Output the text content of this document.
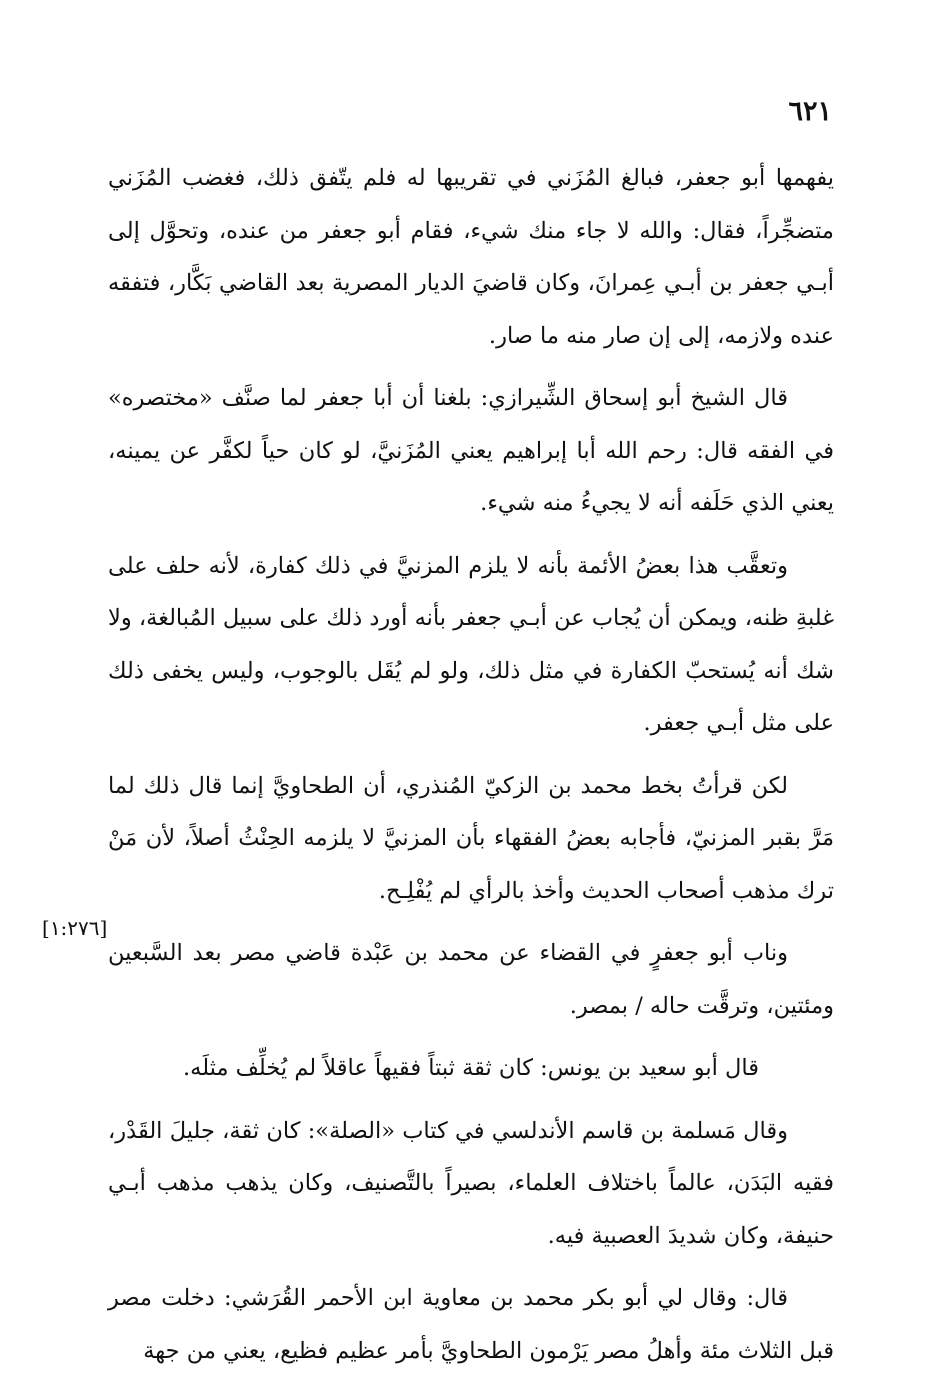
٦٢١
[١:٢٧٦]

يفهمها أبو جعفر، فبالغ المُزَني في تقريبها له فلم يتّفق ذلك، فغضب المُزَني متضجِّراً، فقال: والله لا جاء منك شيء، فقام أبو جعفر من عنده، وتحوَّل إلى أبـي جعفر بن أبـي عِمرانَ، وكان قاضيَ الديار المصرية بعد القاضي بَكَّار، فتفقه عنده ولازمه، إلى إن صار منه ما صار.

قال الشيخ أبو إسحاق الشِّيرازي: بلغنا أن أبا جعفر لما صنَّف «مختصره» في الفقه قال: رحم الله أبا إبراهيم يعني المُزَنيَّ، لو كان حياً لكفَّر عن يمينه، يعني الذي حَلَفه أنه لا يجيءُ منه شيء.

وتعقَّب هذا بعضُ الأئمة بأنه لا يلزم المزنيَّ في ذلك كفارة، لأنه حلف على غلبةِ ظنه، ويمكن أن يُجاب عن أبـي جعفر بأنه أورد ذلك على سبيل المُبالغة، ولا شك أنه يُستحبّ الكفارة في مثل ذلك، ولو لم يُقَل بالوجوب، وليس يخفى ذلك على مثل أبـي جعفر.

لكن قرأتُ بخط محمد بن الزكيّ المُنذري، أن الطحاويَّ إنما قال ذلك لما مَرَّ بقبر المزنيّ، فأجابه بعضُ الفقهاء بأن المزنيَّ لا يلزمه الحِنْثُ أصلاً، لأن مَنْ ترك مذهب أصحاب الحديث وأخذ بالرأي لم يُفْلِـح.

وناب أبو جعفرٍ في القضاء عن محمد بن عَبْدة قاضي مصر بعد السَّبعين ومئتين، وترقَّت حاله / بمصر.

قال أبو سعيد بن يونس: كان ثقة ثبتاً فقيهاً عاقلاً لم يُخلِّف مثلَه.

وقال مَسلمة بن قاسم الأندلسي في كتاب «الصلة»: كان ثقة، جليلَ القَدْر، فقيه البَدَن، عالماً باختلاف العلماء، بصيراً بالتَّصنيف، وكان يذهب مذهب أبـي حنيفة، وكان شديدَ العصبية فيه.

قال: وقال لي أبو بكر محمد بن معاوية ابن الأحمر القُرَشي: دخلت مصر قبل الثلاث مئة وأهلُ مصر يَرْمون الطحاويَّ بأمر عظيم فظيع، يعني من جهة
